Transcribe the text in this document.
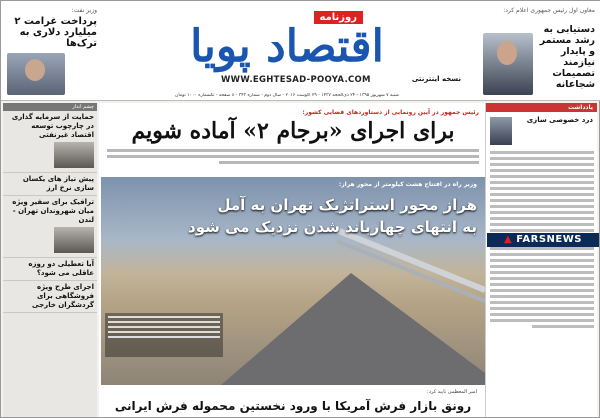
وزیر نفت:
پرداخت غرامت ۲ میلیارد دلاری به ترک‌ها
روزنامه
اقتصاد پویا
WWW.EGHTESAD-POOYA.COM	نسخه اینترنتی
شنبه ۷ شهریور ۱۳۹۵ - ۲۴ ذی‌الحجه ۱۴۳۷ - ۲۹ آگوست ۲۰۱۶ - سال دوم - شماره ۳۴۳ - ۸ صفحه - تکشماره ۱۰۰۰ تومان
معاون اول رئیس جمهوری اعلام کرد:
دستیابی به رشد مستمر و پایدار نیازمند تصمیمات شجاعانه
چشم انداز
حمایت از سرمایه گذاری در چارچوب توسعه اقتصاد غیرنفتی
پیش نیاز های یکسان سازی نرخ ارز
ترافیک برای سفیر ویژه میان شهروندان تهران - لندن
آیا تعطیلی دو روزه عاقلی می شود؟
اجرای طرح ویژه فروشگاهی برای گردشگران خارجی
رئیس جمهور در آیین رونمایی از دستاوردهای فضایی کشور:
برای اجرای «برجام ۲» آماده شویم
وزیر راه در افتتاح هشت کیلومتر از محور هراز:
هراز محور استراتژیک تهران به آمل
به انتهای چهارباند شدن نزدیک می شود
امیر المعظمی تایید کرد:
رونق بازار فرش آمریکا با ورود نخستین محموله فرش ایرانی
یادداشت
درد خصوصی سازی
▲ FARSNEWS
